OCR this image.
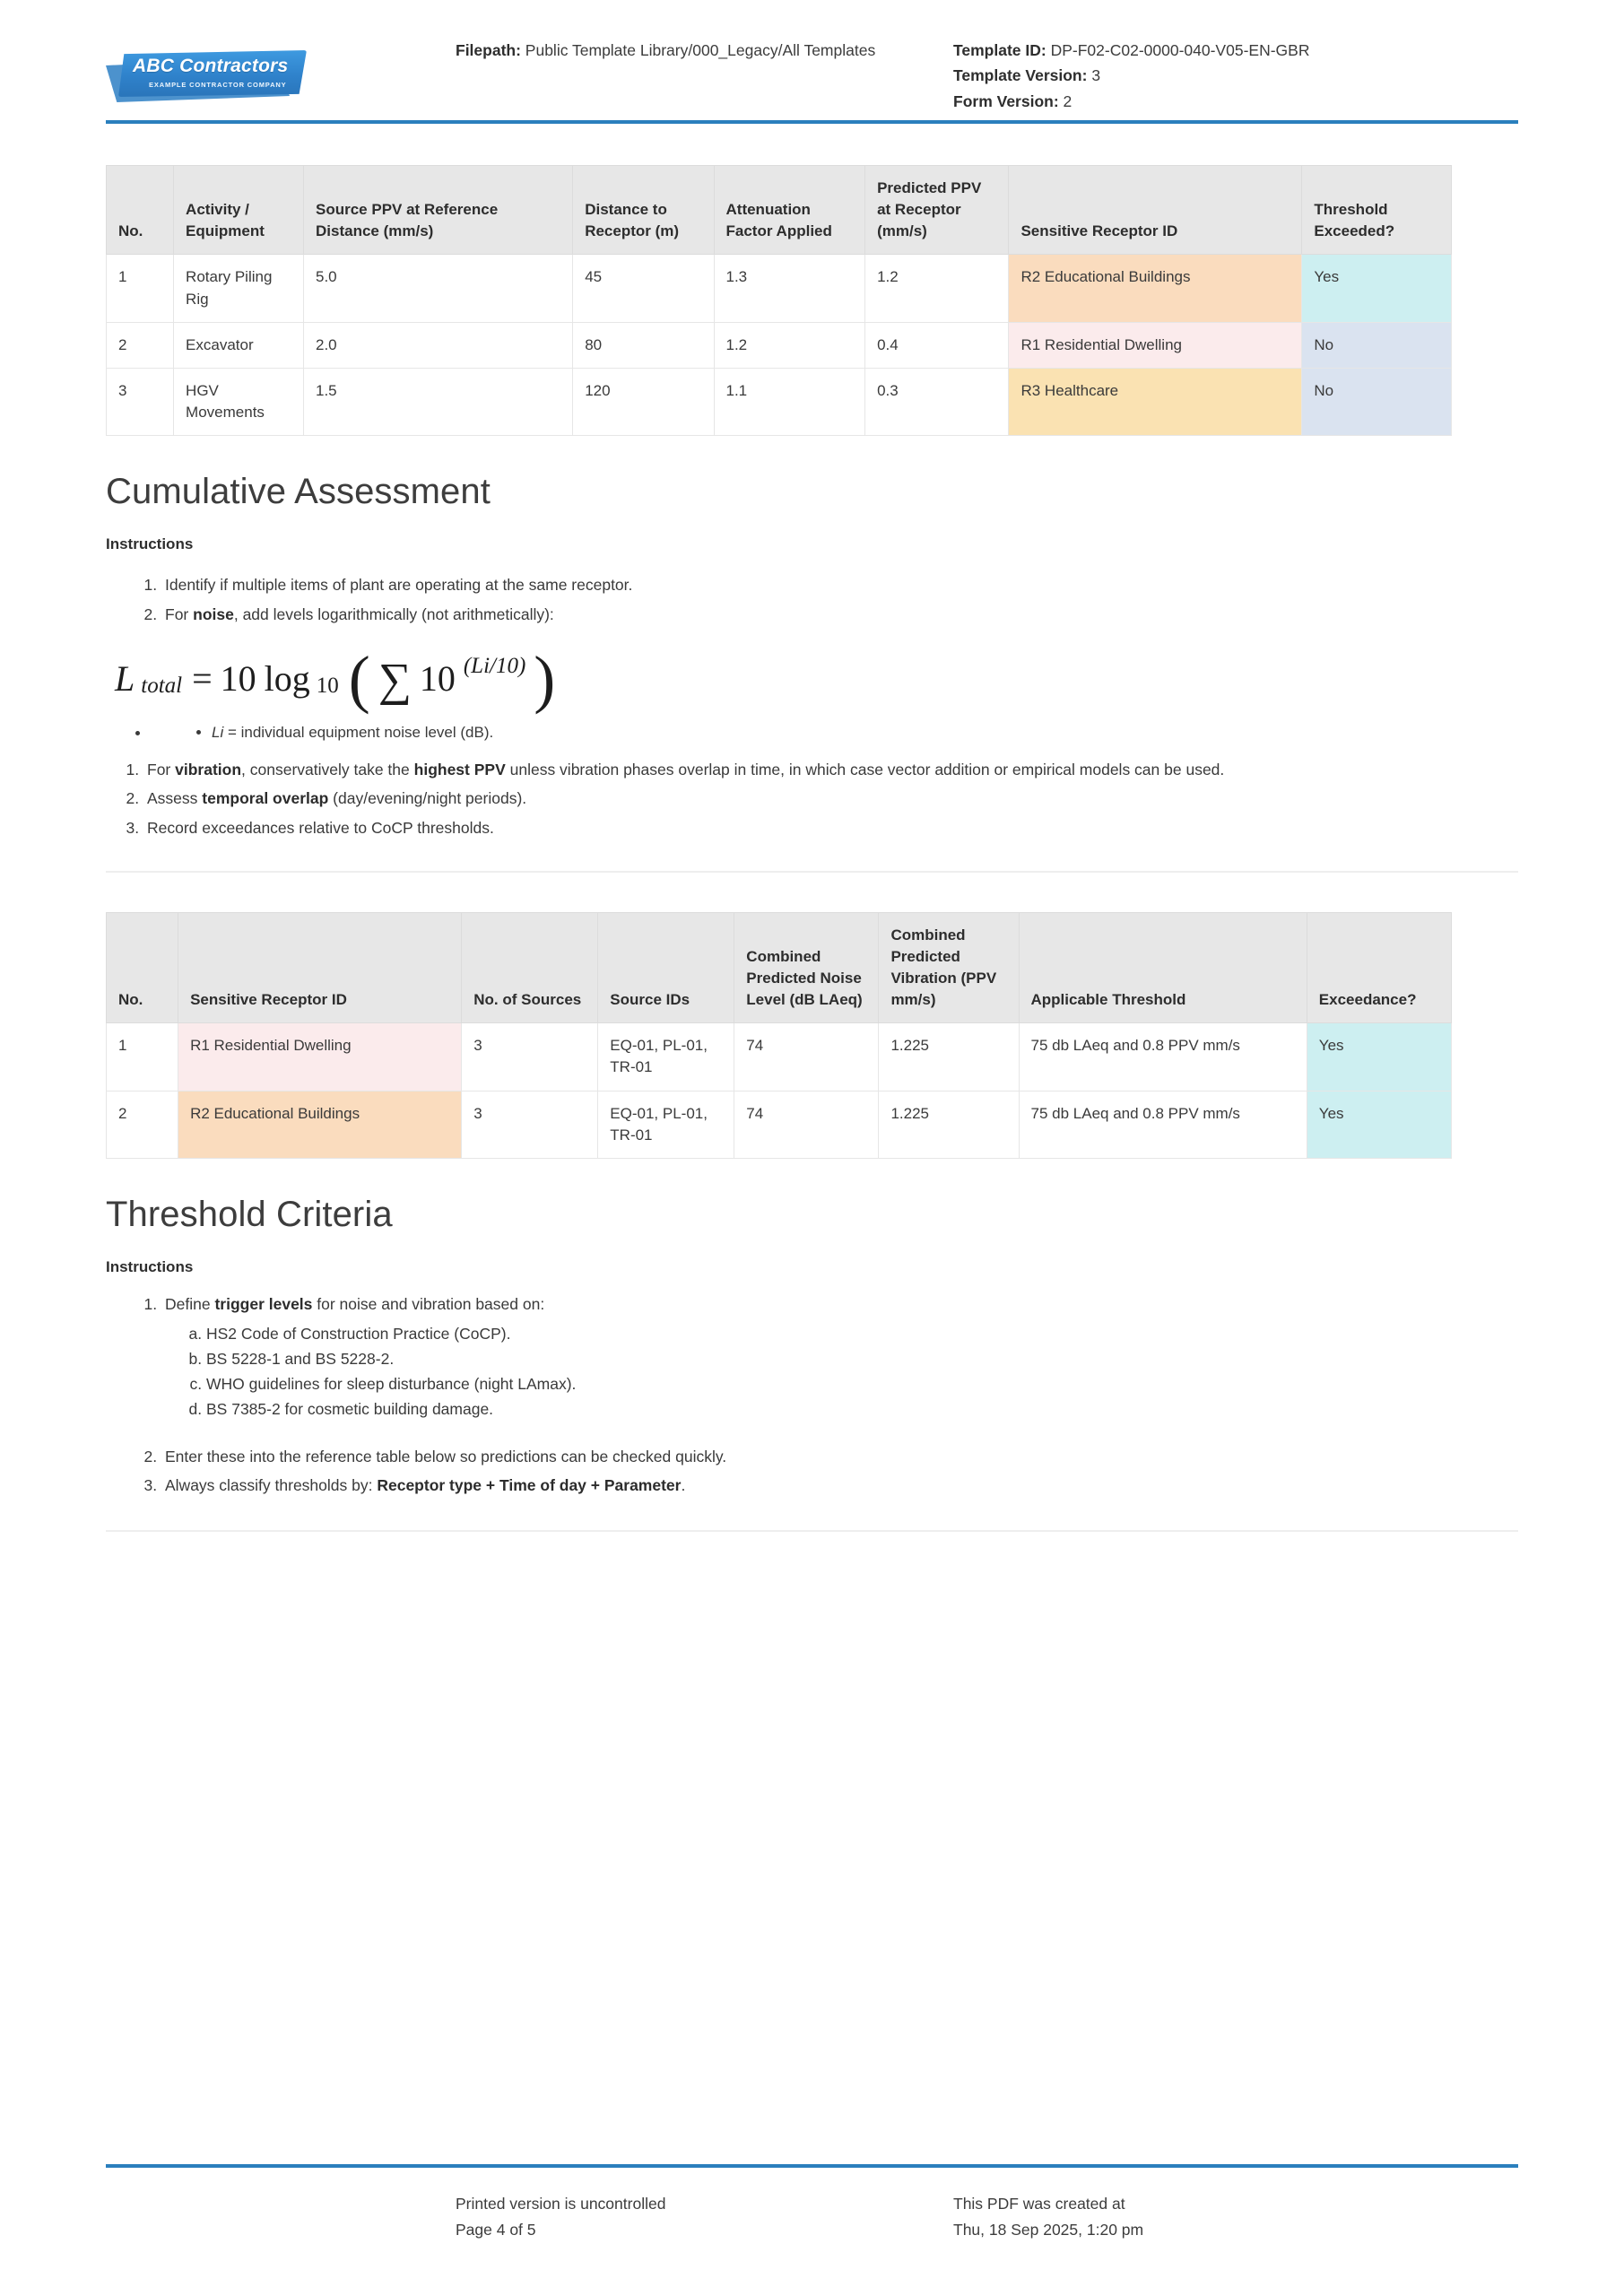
ABC Contractors
EXAMPLE CONTRACTOR COMPANY
Filepath: Public Template Library/000_Legacy/All Templates	Template ID: DP-F02-C02-0000-040-V05-EN-GBR
Template Version: 3
Form Version: 2
No.	Activity / Equipment	Source PPV at Reference Distance (mm/s)	Distance to Receptor (m)	Attenuation Factor Applied	Predicted PPV at Receptor (mm/s)	Sensitive Receptor ID	Threshold Exceeded?
1	Rotary Piling Rig	5.0	45	1.3	1.2	R2 Educational Buildings	Yes
2	Excavator	2.0	80	1.2	0.4	R1 Residential Dwelling	No
3	HGV Movements	1.5	120	1.1	0.3	R3 Healthcare	No
Cumulative Assessment
Instructions
1. Identify if multiple items of plant are operating at the same receptor.
2. For noise, add levels logarithmically (not arithmetically):
L total = 10 log 10 ( ∑ 10 (Li/10) )
• • Li = individual equipment noise level (dB).
1. For vibration, conservatively take the highest PPV unless vibration phases overlap in time, in which case vector addition or empirical models can be used.
2. Assess temporal overlap (day/evening/night periods).
3. Record exceedances relative to CoCP thresholds.
No.	Sensitive Receptor ID	No. of Sources	Source IDs	Combined Predicted Noise Level (dB LAeq)	Combined Predicted Vibration (PPV mm/s)	Applicable Threshold	Exceedance?
1	R1 Residential Dwelling	3	EQ-01, PL-01, TR-01	74	1.225	75 db LAeq and 0.8 PPV mm/s	Yes
2	R2 Educational Buildings	3	EQ-01, PL-01, TR-01	74	1.225	75 db LAeq and 0.8 PPV mm/s	Yes
Threshold Criteria
Instructions
1. Define trigger levels for noise and vibration based on:
a. HS2 Code of Construction Practice (CoCP).
b. BS 5228-1 and BS 5228-2.
c. WHO guidelines for sleep disturbance (night LAmax).
d. BS 7385-2 for cosmetic building damage.
2. Enter these into the reference table below so predictions can be checked quickly.
3. Always classify thresholds by: Receptor type + Time of day + Parameter.
Printed version is uncontrolled
Page 4 of 5
This PDF was created at
Thu, 18 Sep 2025, 1:20 pm
